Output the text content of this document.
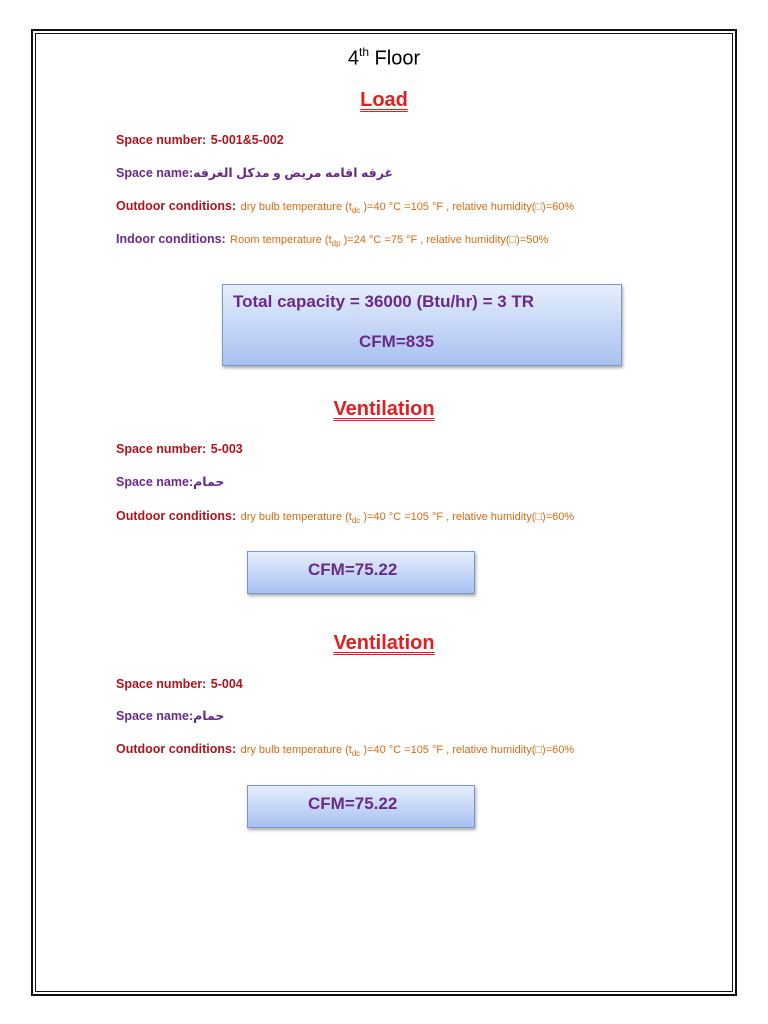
4th Floor
Load
Space number: 5-001&5-002
Space name:غرفه اقامه مريض و مدكل الغرفه
Outdoor conditions: dry bulb temperature ($t_{dc}$ )=40 °C =105 °F , relative humidity(□)=60%
Indoor conditions: Room temperature ($t_{dp}$ )=24 °C =75 °F , relative humidity(□)=50%
Total capacity = 36000 (Btu/hr) = 3 TR
CFM=835
Ventilation
Space number: 5-003
Space name:حمام
Outdoor conditions: dry bulb temperature ($t_{dc}$ )=40 °C =105 °F , relative humidity(□)=60%
CFM=75.22
Ventilation
Space number: 5-004
Space name:حمام
Outdoor conditions: dry bulb temperature ($t_{dc}$ )=40 °C =105 °F , relative humidity(□)=60%
CFM=75.22
